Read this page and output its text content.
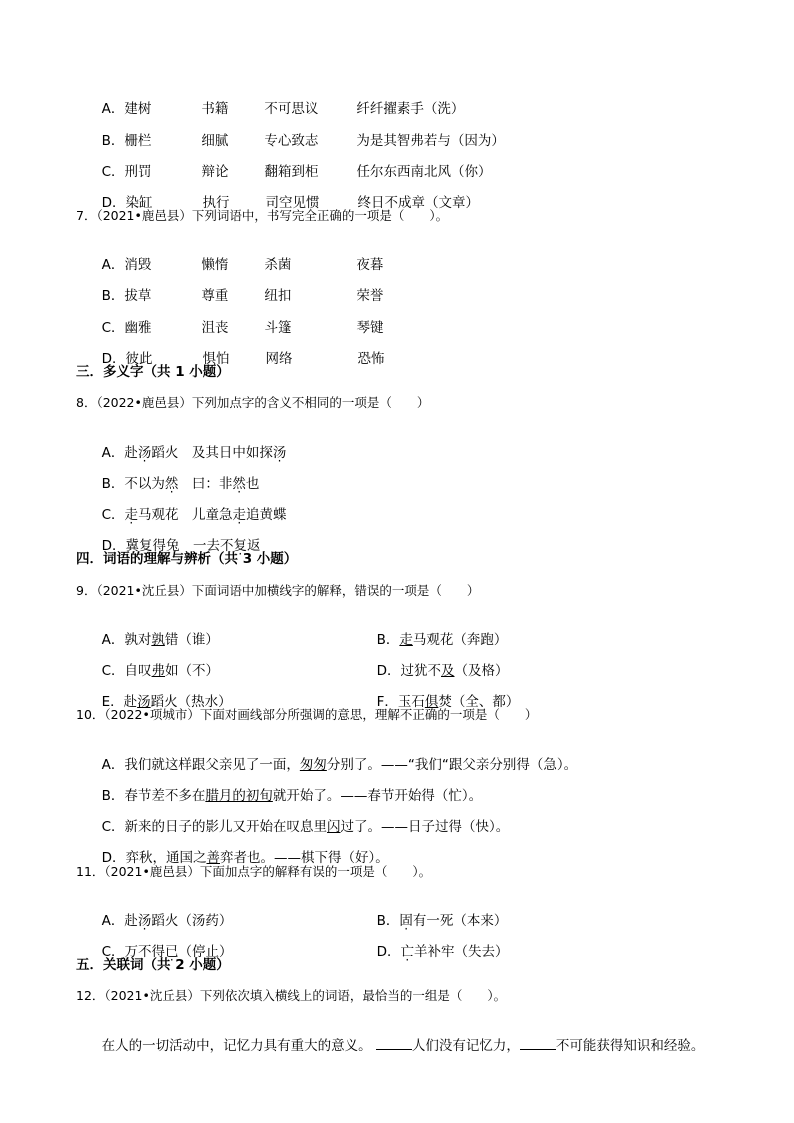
A．建树	书籍	不可思议	纤纤擢素手（洗）

B．栅栏	细腻	专心致志	为是其智弗若与（因为）

C．刑罚	辩论	翻箱到柜	任尔东西南北风（你）

D．染缸	执行	司空见惯	终日不成章（文章）

7．（2021•鹿邑县）下列词语中，书写完全正确的一项是（　　）。

A．消毁	懒惰	杀菌	夜暮

B．拔草	尊重	纽扣	荣誉

C．幽雅	沮丧	斗篷	琴键

D．彼此	惧怕	网络	恐怖

三．多义字（共 1 小题）
8．（2022•鹿邑县）下列加点字的含义不相同的一项是（　　）

A．赴汤蹈火　及其日中如探汤

B．不以为然　曰：非然也

C．走马观花　儿童急走追黄蝶

D．冀复得兔　一去不复返

四．词语的理解与辨析（共 3 小题）
9．（2021•沈丘县）下面词语中加横线字的解释，错误的一项是（　　）

A．孰对孰错（谁）	B．走马观花（奔跑）

C．自叹弗如（不）	D．过犹不及（及格）

E．赴汤蹈火（热水）	F．玉石俱焚（全、都）

10．（2022•项城市）下面对画线部分所强调的意思，理解不正确的一项是（　　）

A．我们就这样跟父亲见了一面，匆匆分别了。——“我们“跟父亲分别得（急）。

B．春节差不多在腊月的初旬就开始了。——春节开始得（忙）。

C．新来的日子的影儿又开始在叹息里闪过了。——日子过得（快）。

D．弈秋，通国之善弈者也。——棋下得（好）。

11．（2021•鹿邑县）下面加点字的解释有误的一项是（　　）。

A．赴汤蹈火（汤药）	B．固有一死（本来）

C．万不得已（停止）	D．亡羊补牢（失去）

五．关联词（共 2 小题）
12．（2021•沈丘县）下列依次填入横线上的词语，最恰当的一组是（　　）。

在人的一切活动中，记忆力具有重大的意义。	人们没有记忆力，	不可能获得知识和经验。
